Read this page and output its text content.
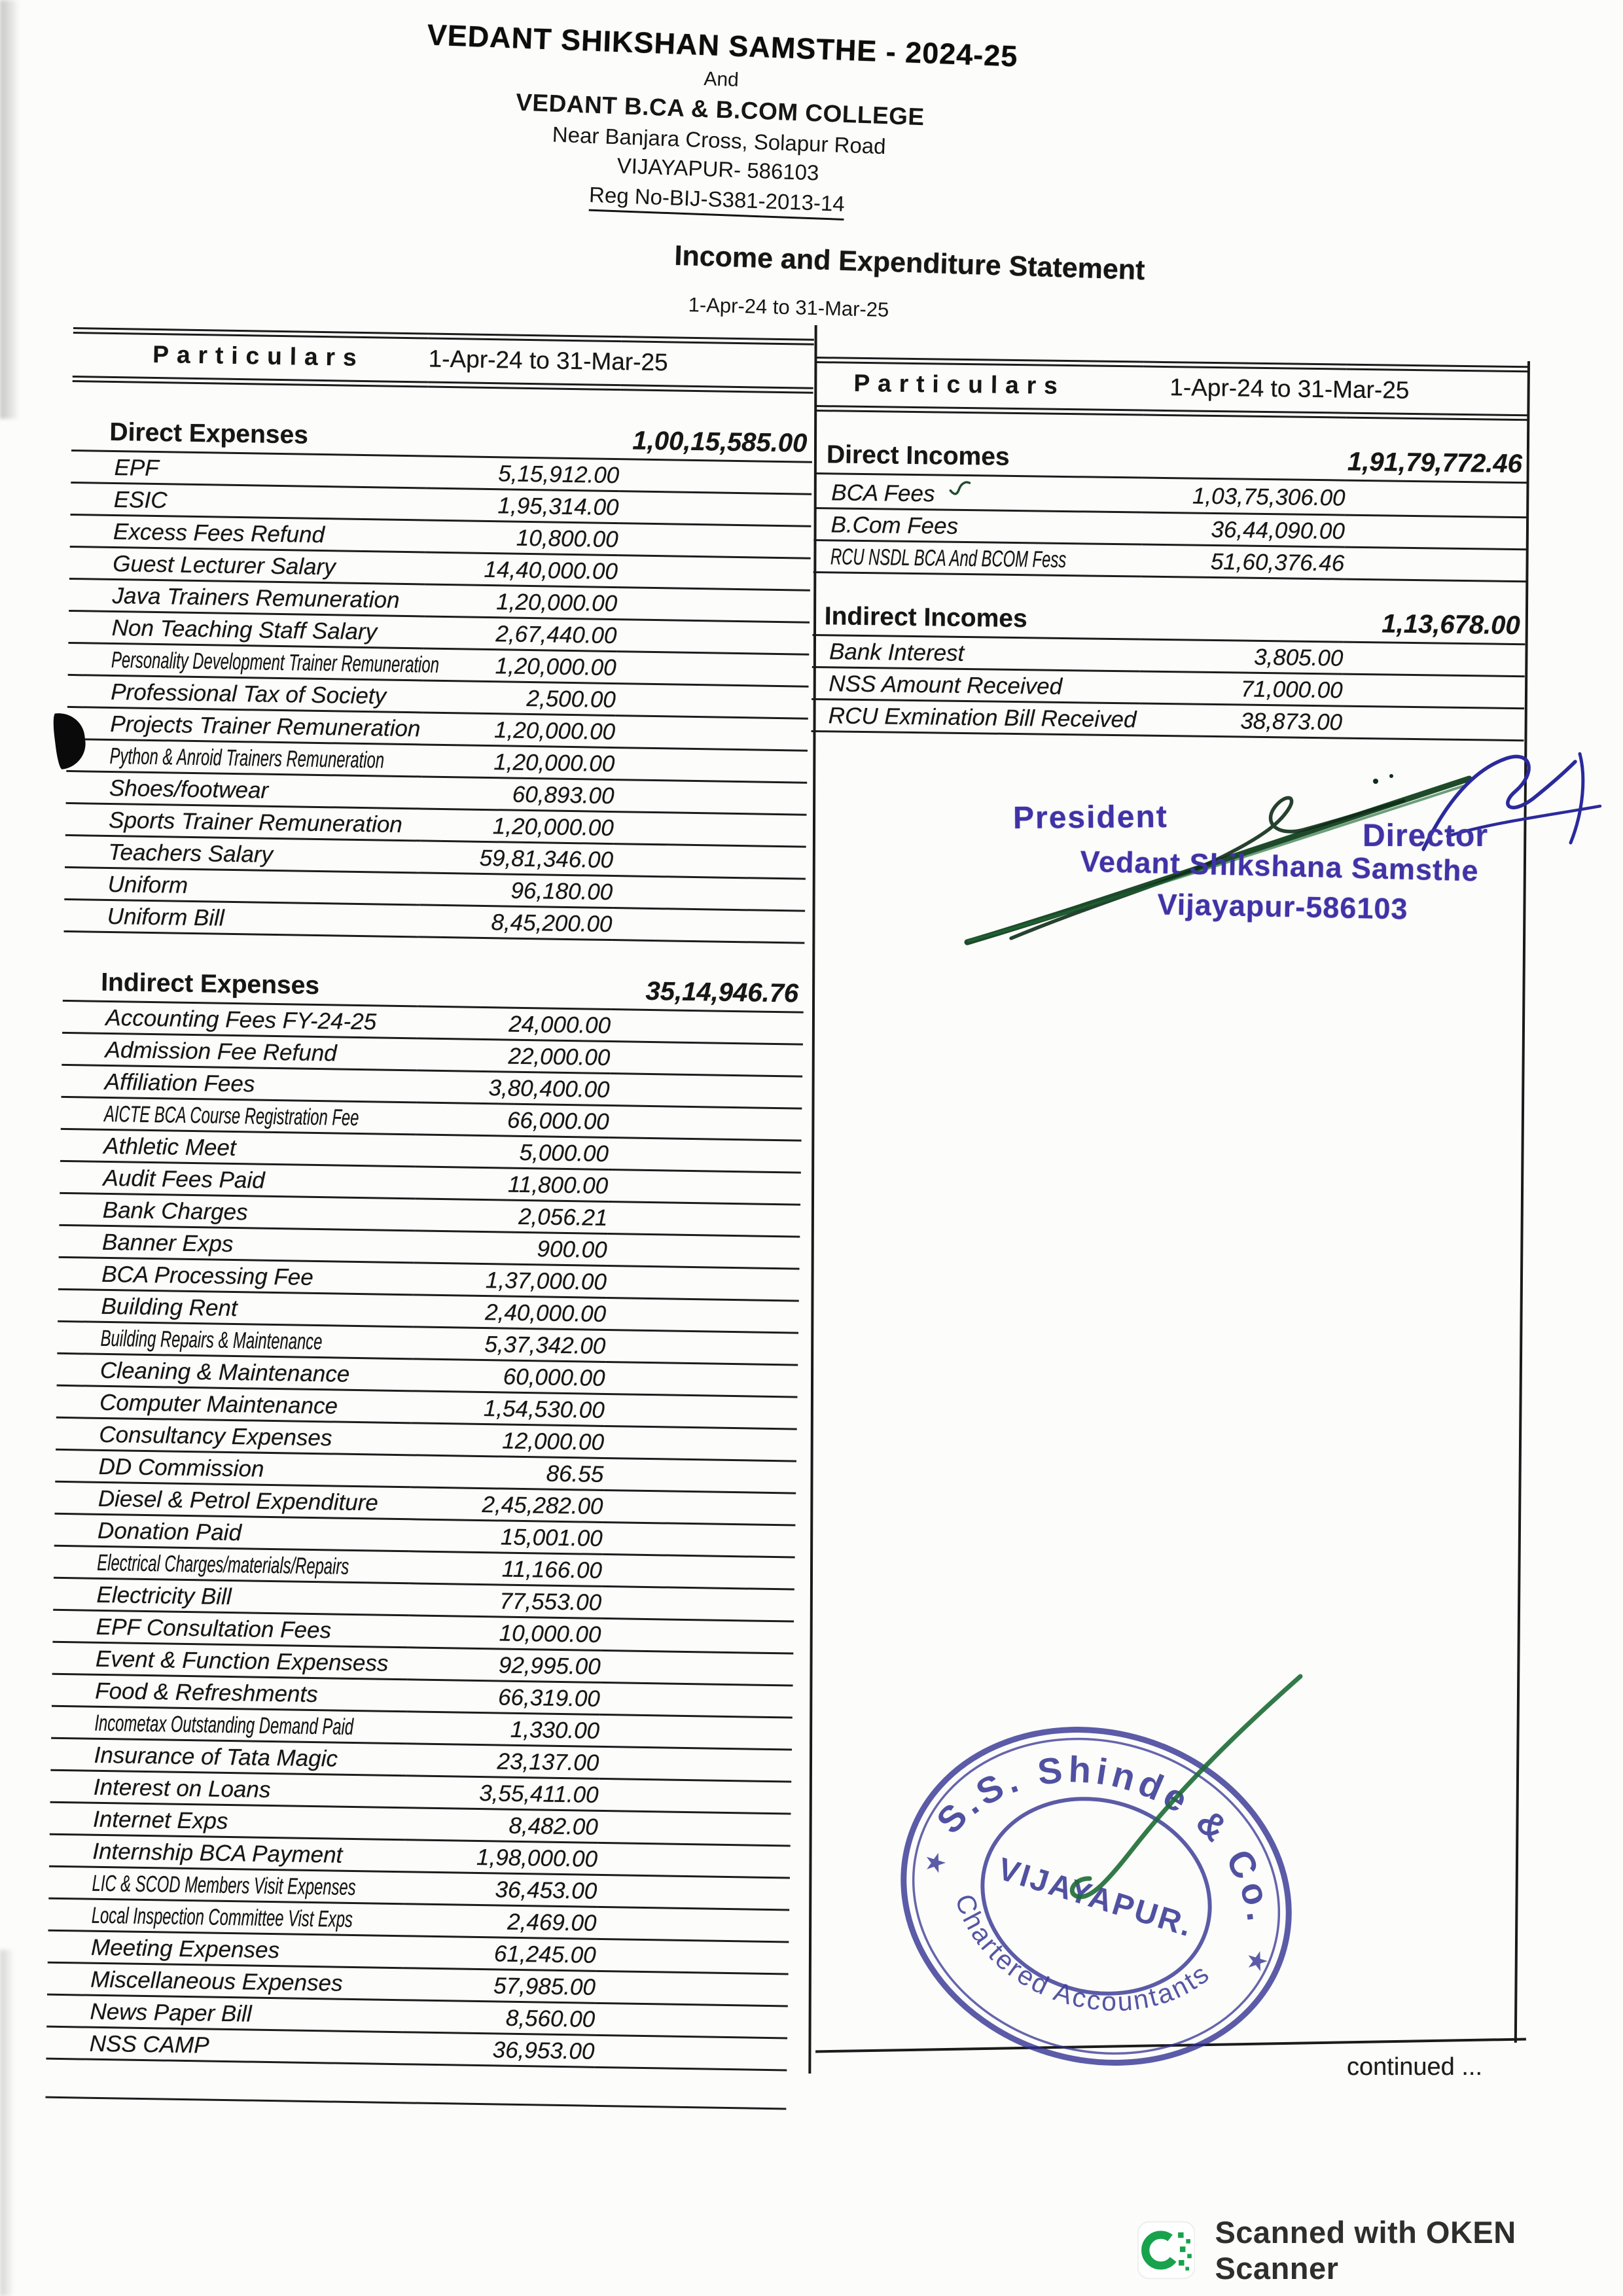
VEDANT SHIKSHAN SAMSTHE - 2024-25
And
VEDANT B.CA & B.COM COLLEGE
Near Banjara Cross, Solapur Road
VIJAYAPUR- 586103
Reg No-BIJ-S381-2013-14
Income and Expenditure Statement
1-Apr-24 to 31-Mar-25
Particulars	1-Apr-24 to 31-Mar-25	

Direct Expenses	1,00,15,585.00	
EPF	5,15,912.00	
ESIC	1,95,314.00	
Excess Fees Refund	10,800.00	
Guest Lecturer Salary	14,40,000.00	
Java Trainers Remuneration	1,20,000.00	
Non Teaching Staff Salary	2,67,440.00	
Personality Development Trainer Remuneration	1,20,000.00	
Professional Tax of Society	2,500.00	
Projects Trainer Remuneration	1,20,000.00	
Python & Anroid Trainers Remuneration	1,20,000.00	
Shoes/footwear	60,893.00	
Sports Trainer Remuneration	1,20,000.00	
Teachers Salary	59,81,346.00	
Uniform	96,180.00	
Uniform Bill	8,45,200.00	

Indirect Expenses	35,14,946.76	
Accounting Fees FY-24-25	24,000.00	
Admission Fee Refund	22,000.00	
Affiliation Fees	3,80,400.00	
AICTE BCA Course Registration Fee	66,000.00	
Athletic Meet	5,000.00	
Audit Fees Paid	11,800.00	
Bank Charges	2,056.21	
Banner Exps	900.00	
BCA Processing Fee	1,37,000.00	
Building Rent	2,40,000.00	
Building Repairs & Maintenance	5,37,342.00	
Cleaning & Maintenance	60,000.00	
Computer Maintenance	1,54,530.00	
Consultancy Expenses	12,000.00	
DD Commission	86.55	
Diesel & Petrol Expenditure	2,45,282.00	
Donation Paid	15,001.00	
Electrical Charges/materials/Repairs	11,166.00	
Electricity Bill	77,553.00	
EPF Consultation Fees	10,000.00	
Event & Function Expensess	92,995.00	
Food & Refreshments	66,319.00	
Incometax Outstanding Demand Paid	1,330.00	
Insurance of Tata Magic	23,137.00	
Interest on Loans	3,55,411.00	
Internet Exps	8,482.00	
Internship BCA Payment	1,98,000.00	
LIC & SCOD Members Visit Expenses	36,453.00	
Local Inspection Committee Vist Exps	2,469.00	
Meeting Expenses	61,245.00	
Miscellaneous Expenses	57,985.00	
News Paper Bill	8,560.00	
NSS CAMP	36,953.00	

Particulars	1-Apr-24 to 31-Mar-25	

Direct Incomes	1,91,79,772.46	
BCA Fees	1,03,75,306.00	
B.Com Fees	36,44,090.00	
RCU NSDL BCA And BCOM Fess	51,60,376.46	

Indirect Incomes	1,13,678.00	
Bank Interest	3,805.00	
NSS Amount Received	71,000.00	
RCU Exmination Bill Received	38,873.00	
continued ...
President
Director
Vedant Shikshana Samsthe
Vijayapur-586103
S.S. Shinde & Co.
Chartered Accountants
VIJAYAPUR.
★
★
Scanned with OKEN Scanner
